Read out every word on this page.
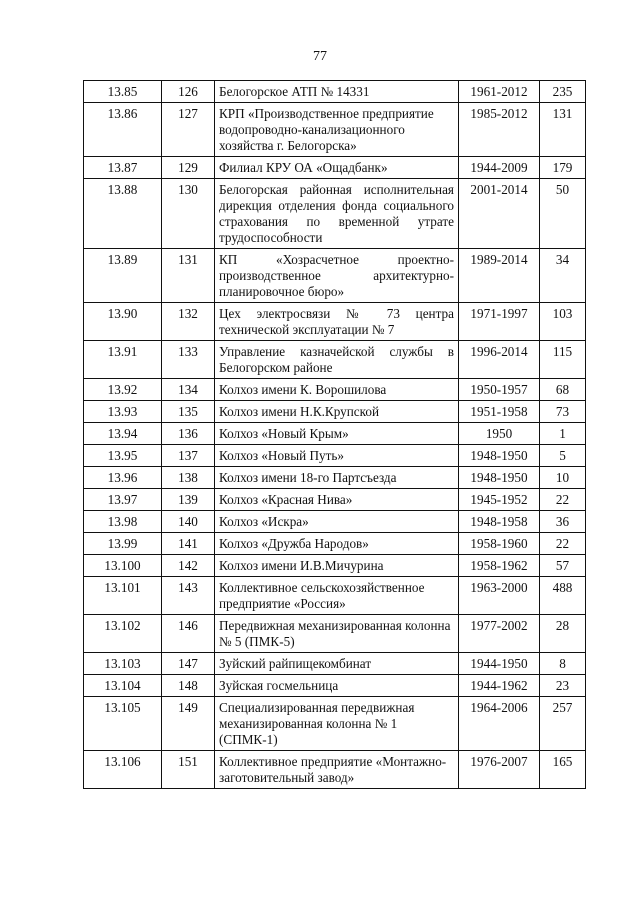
77
13.85	126	Белогорское АТП № 14331	1961-2012	235
13.86	127	КРП «Производственное предприятие водопроводно-канализационного хозяйства г. Белогорска»	1985-2012	131
13.87	129	Филиал КРУ ОА «Ощадбанк»	1944-2009	179
13.88	130	Белогорская районная исполнительная дирекция отделения фонда социального страхования по временной утрате трудоспособности	2001-2014	50
13.89	131	КП «Хозрасчетное проектно-производственное архитектурно-планировочное бюро»	1989-2014	34
13.90	132	Цех электросвязи № 73 центра технической эксплуатации № 7	1971-1997	103
13.91	133	Управление казначейской службы в Белогорском районе	1996-2014	115
13.92	134	Колхоз имени К. Ворошилова	1950-1957	68
13.93	135	Колхоз имени Н.К.Крупской	1951-1958	73
13.94	136	Колхоз «Новый Крым»	1950	1
13.95	137	Колхоз «Новый Путь»	1948-1950	5
13.96	138	Колхоз имени 18-го Партсъезда	1948-1950	10
13.97	139	Колхоз «Красная Нива»	1945-1952	22
13.98	140	Колхоз «Искра»	1948-1958	36
13.99	141	Колхоз «Дружба Народов»	1958-1960	22
13.100	142	Колхоз имени И.В.Мичурина	1958-1962	57
13.101	143	Коллективное сельскохозяйственное предприятие «Россия»	1963-2000	488
13.102	146	Передвижная механизированная колонна № 5 (ПМК-5)	1977-2002	28
13.103	147	Зуйский райпищекомбинат	1944-1950	8
13.104	148	Зуйская госмельница	1944-1962	23
13.105	149	Специализированная передвижная механизированная колонна № 1 (СПМК-1)	1964-2006	257
13.106	151	Коллективное предприятие «Монтажно-заготовительный завод»	1976-2007	165
